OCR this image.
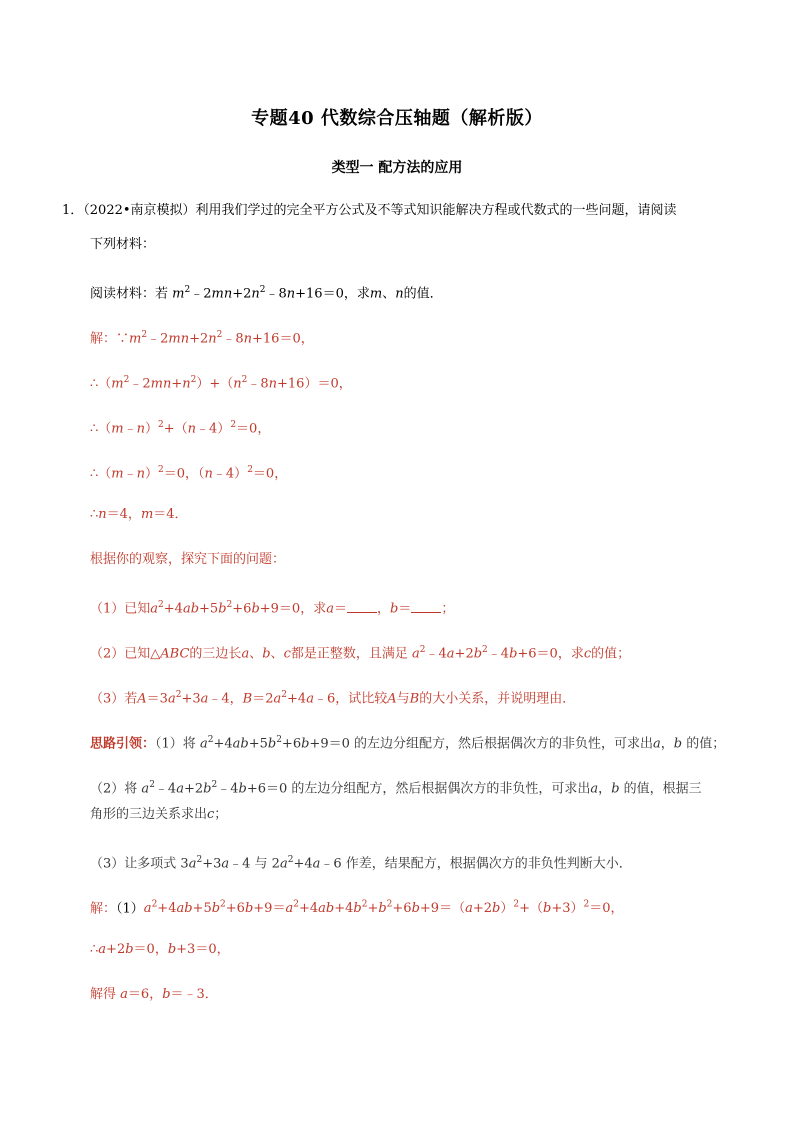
专题40 代数综合压轴题（解析版）
类型一 配方法的应用
1．（2022•南京模拟）利用我们学过的完全平方公式及不等式知识能解决方程或代数式的一些问题，请阅读
下列材料：
阅读材料：若 $m^2﹣2mn+2n^2﹣8n+16=0$，求m、n的值．
解：$\because m^2﹣2mn+2n^2﹣8n+16=0$，
$\therefore(m^2﹣2mn+n^2)+(n^2﹣8n+16)=0$，
∴（m﹣n）$^2$+（n﹣4）$^2$＝0，
∴（m﹣n）$^2$＝0，（n﹣4）$^2$＝0，
∴n＝4，m＝4．
根据你的观察，探究下面的问题：
（1）已知$a^2+4ab+5b^2+6b+9=0$，求a＝ ，b＝ ；
（2）已知△ABC的三边长a、b、c都是正整数，且满足 $a^2﹣4a+2b^2﹣4b+6=0$，求c的值；
（3）若$A=3a^2+3a﹣4$，$B=2a^2+4a﹣6$，试比较A与B的大小关系，并说明理由．
思路引领：（1）将 $a^2+4ab+5b^2+6b+9=0$ 的左边分组配方，然后根据偶次方的非负性，可求出a，b 的值；
（2）将 $a^2﹣4a+2b^2﹣4b+6=0$ 的左边分组配方，然后根据偶次方的非负性，可求出a，b 的值，根据三
角形的三边关系求出c；
（3）让多项式 $3a^2+3a﹣4$ 与 $2a^2+4a﹣6$ 作差，结果配方，根据偶次方的非负性判断大小．
解：$(1)a^2+4ab+5b^2+6b+9=a^2+4ab+4b^2+b^2+6b+9=(a+2b)^2+(b+3)^2=0$，
∴a+2b＝0，b+3＝0，
解得 a＝6，b＝﹣3．
